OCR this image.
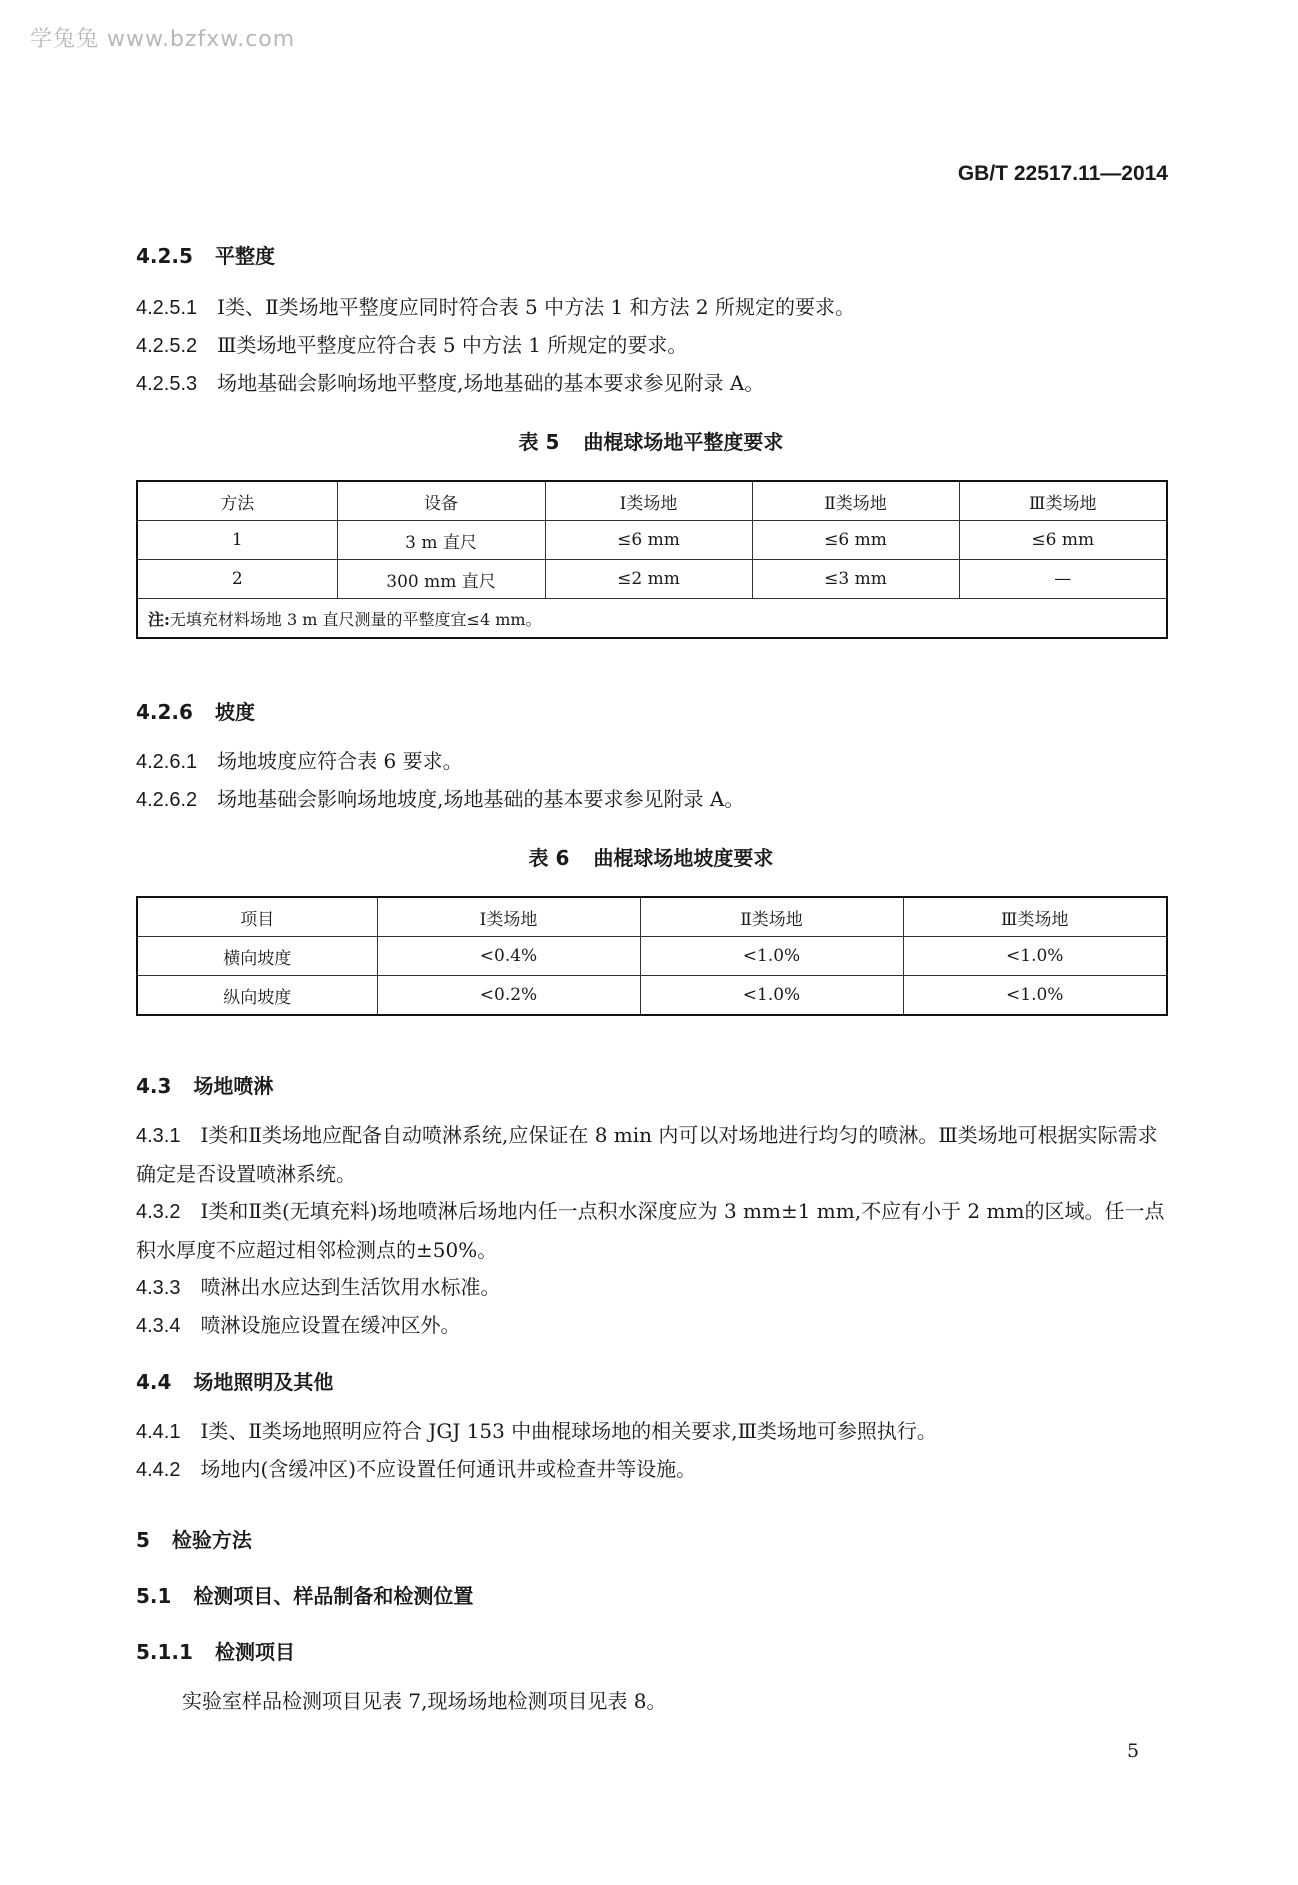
学兔兔 www.bzfxw.com
GB/T 22517.11—2014
4.2.5 平整度
4.2.5.1 Ⅰ类、Ⅱ类场地平整度应同时符合表 5 中方法 1 和方法 2 所规定的要求。
4.2.5.2 Ⅲ类场地平整度应符合表 5 中方法 1 所规定的要求。
4.2.5.3 场地基础会影响场地平整度,场地基础的基本要求参见附录 A。
表 5 曲棍球场地平整度要求
方法	设备	Ⅰ类场地	Ⅱ类场地	Ⅲ类场地
1	3 m 直尺	≤6 mm	≤6 mm	≤6 mm
2	300 mm 直尺	≤2 mm	≤3 mm	—
注:无填充材料场地 3 m 直尺测量的平整度宜≤4 mm。				
4.2.6 坡度
4.2.6.1 场地坡度应符合表 6 要求。
4.2.6.2 场地基础会影响场地坡度,场地基础的基本要求参见附录 A。
表 6 曲棍球场地坡度要求
项目	Ⅰ类场地	Ⅱ类场地	Ⅲ类场地
横向坡度	<0.4%	<1.0%	<1.0%
纵向坡度	<0.2%	<1.0%	<1.0%
4.3 场地喷淋
4.3.1 Ⅰ类和Ⅱ类场地应配备自动喷淋系统,应保证在 8 min 内可以对场地进行均匀的喷淋。Ⅲ类场地可根据实际需求确定是否设置喷淋系统。
4.3.2 Ⅰ类和Ⅱ类(无填充料)场地喷淋后场地内任一点积水深度应为 3 mm±1 mm,不应有小于 2 mm的区域。任一点积水厚度不应超过相邻检测点的±50%。
4.3.3 喷淋出水应达到生活饮用水标准。
4.3.4 喷淋设施应设置在缓冲区外。
4.4 场地照明及其他
4.4.1 Ⅰ类、Ⅱ类场地照明应符合 JGJ 153 中曲棍球场地的相关要求,Ⅲ类场地可参照执行。
4.4.2 场地内(含缓冲区)不应设置任何通讯井或检查井等设施。
5 检验方法
5.1 检测项目、样品制备和检测位置
5.1.1 检测项目
实验室样品检测项目见表 7,现场场地检测项目见表 8。
5
